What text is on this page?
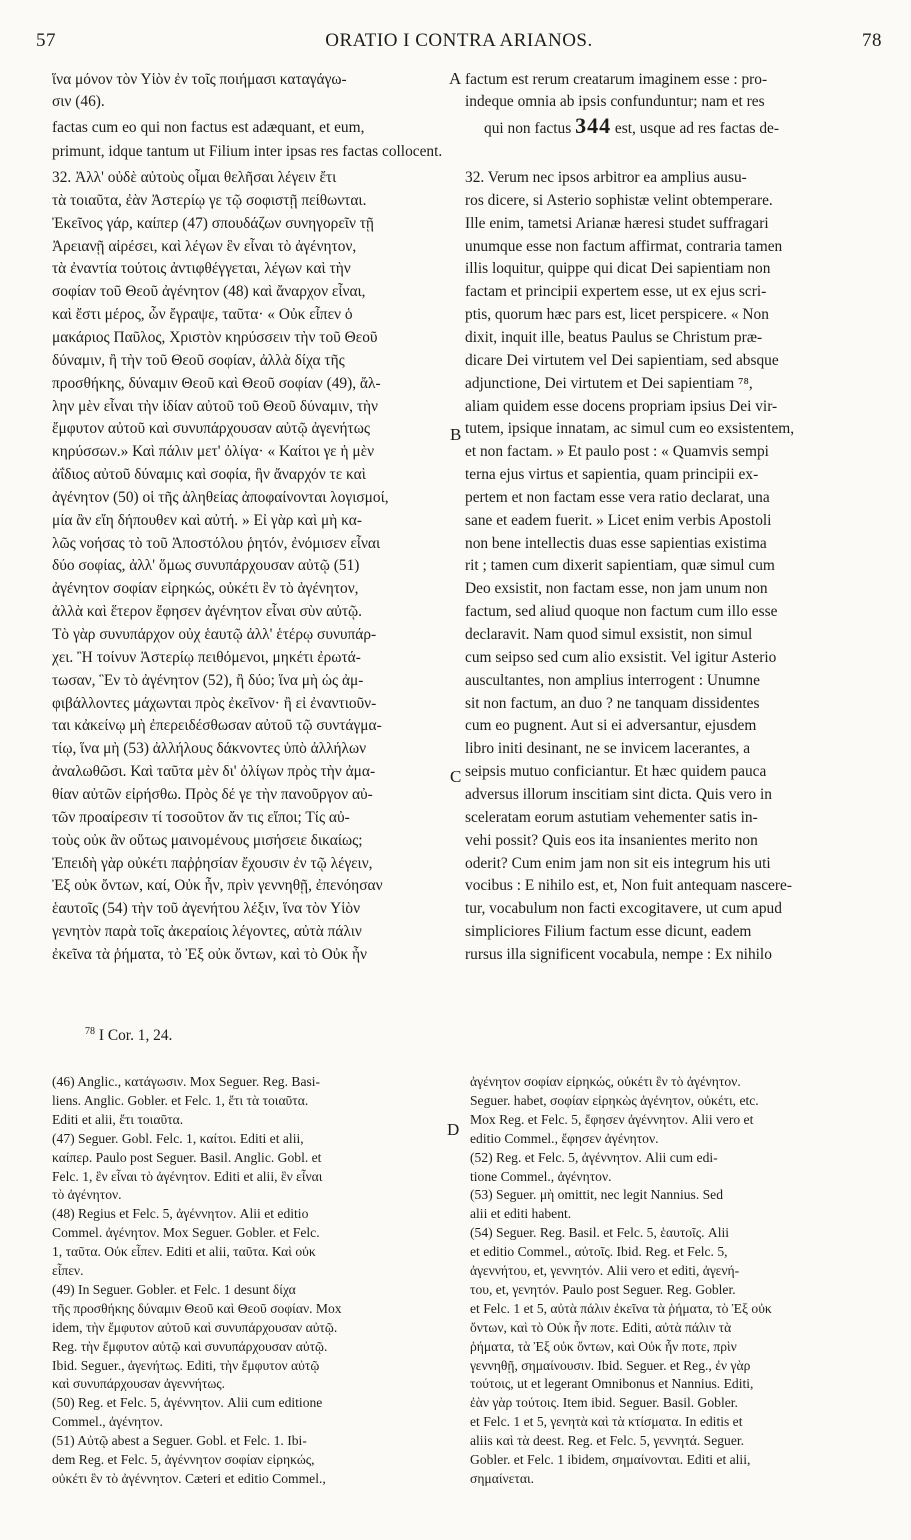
57	ORATIO I CONTRA ARIANOS.	78
ἵνα μόνον τὸν Υἱὸν ἐν τοῖς ποιήμασι καταγάγω-
σιν (46).
A factum est rerum creatarum imaginem esse : pro-
indeque omnia ab ipsis confunduntur; nam et res
factas cum eo qui non factus est adæquant, et eum,	qui non factus 344 est, usque ad res factas de-
primunt, idque tantum ut Filium inter ipsas res factas collocent.
32. Ἀλλ' οὐδὲ αὐτοὺς οἶμαι θελῆσαι λέγειν ἔτι
τὰ τοιαῦτα, ἐὰν Ἀστερίῳ γε τῷ σοφιστῇ πείθωνται.
Ἐκεῖνος γάρ, καίπερ (47) σπουδάζων συνηγορεῖν τῇ
Ἀρειανῇ αἱρέσει, καὶ λέγων ἓν εἶναι τὸ ἀγένητον,
τὰ ἐναντία τούτοις ἀντιφθέγγεται, λέγων καὶ τὴν
σοφίαν τοῦ Θεοῦ ἀγένητον (48) καὶ ἄναρχον εἶναι,
καὶ ἔστι μέρος, ὧν ἔγραψε, ταῦτα· « Οὐκ εἶπεν ὁ
μακάριος Παῦλος, Χριστὸν κηρύσσειν τὴν τοῦ Θεοῦ
δύναμιν, ἢ τὴν τοῦ Θεοῦ σοφίαν, ἀλλὰ δίχα τῆς
προσθήκης, δύναμιν Θεοῦ καὶ Θεοῦ σοφίαν (49), ἄλ-
λην μὲν εἶναι τὴν ἰδίαν αὐτοῦ τοῦ Θεοῦ δύναμιν, τὴν
ἔμφυτον αὐτοῦ καὶ συνυπάρχουσαν αὐτῷ ἀγενήτως
κηρύσσων.» Καὶ πάλιν μετ' ὀλίγα· « Καίτοι γε ἡ μὲν
ἀΐδιος αὐτοῦ δύναμις καὶ σοφία, ἣν ἄναρχόν τε καὶ
ἀγένητον (50) οἱ τῆς ἀληθείας ἀποφαίνονται λογισμοί,
μία ἂν εἴη δήπουθεν καὶ αὐτή. » Εἰ γὰρ καὶ μὴ κα-
λῶς νοήσας τὸ τοῦ Ἀποστόλου ῥητόν, ἐνόμισεν εἶναι
δύο σοφίας, ἀλλ' ὅμως συνυπάρχουσαν αὐτῷ (51)
ἀγένητον σοφίαν εἰρηκώς, οὐκέτι ἓν τὸ ἀγένητον,
ἀλλὰ καὶ ἕτερον ἔφησεν ἀγένητον εἶναι σὺν αὐτῷ.
Τὸ γὰρ συνυπάρχον οὐχ ἑαυτῷ ἀλλ' ἑτέρῳ συνυπάρ-
χει. Ἢ τοίνυν Ἀστερίῳ πειθόμενοι, μηκέτι ἐρωτά-
τωσαν, Ἓν τὸ ἀγένητον (52), ἢ δύο; ἵνα μὴ ὡς ἀμ-
φιβάλλοντες μάχωνται πρὸς ἐκεῖνον· ἢ εἰ ἐναντιοῦν-
ται κἀκείνῳ μὴ ἐπερειδέσθωσαν αὐτοῦ τῷ συντάγμα-
τίῳ, ἵνα μὴ (53) ἀλλήλους δάκνοντες ὑπὸ ἀλλήλων
ἀναλωθῶσι. Καὶ ταῦτα μὲν δι' ὀλίγων πρὸς τὴν ἀμα-
θίαν αὐτῶν εἰρήσθω. Πρὸς δέ γε τὴν πανοῦργον αὐ-
τῶν προαίρεσιν τί τοσοῦτον ἄν τις εἴποι; Τίς αὐ-
τοὺς οὐκ ἂν οὕτως μαινομένους μισήσειε δικαίως;
Ἐπειδὴ γὰρ οὐκέτι παῤῥησίαν ἔχουσιν ἐν τῷ λέγειν,
Ἐξ οὐκ ὄντων, καί, Οὐκ ἦν, πρὶν γεννηθῇ, ἐπενόησαν
ἑαυτοῖς (54) τὴν τοῦ ἀγενήτου λέξιν, ἵνα τὸν Υἱὸν
γενητὸν παρὰ τοῖς ἀκεραίοις λέγοντες, αὐτὰ πάλιν
ἐκεῖνα τὰ ῥήματα, τὸ Ἐξ οὐκ ὄντων, καὶ τὸ Οὐκ ἦν
32. Verum nec ipsos arbitror ea amplius ausu-
ros dicere, si Asterio sophistæ velint obtemperare.
Ille enim, tametsi Arianæ hæresi studet suffragari
unumque esse non factum affirmat, contraria tamen
illis loquitur, quippe qui dicat Dei sapientiam non
factam et principii expertem esse, ut ex ejus scri-
ptis, quorum hæc pars est, licet perspicere. « Non
dixit, inquit ille, beatus Paulus se Christum præ-
dicare Dei virtutem vel Dei sapientiam, sed absque
adjunctione, Dei virtutem et Dei sapientiam ⁷⁸,
aliam quidem esse docens propriam ipsius Dei vir-
tutem, ipsique innatam, ac simul cum eo exsistentem,
et non factam. » Et paulo post : « Quamvis sempi
terna ejus virtus et sapientia, quam principii ex-
pertem et non factam esse vera ratio declarat, una
sane et eadem fuerit. » Licet enim verbis Apostoli
non bene intellectis duas esse sapientias existima
rit ; tamen cum dixerit sapientiam, quæ simul cum
Deo exsistit, non factam esse, non jam unum non
factum, sed aliud quoque non factum cum illo esse
declaravit. Nam quod simul exsistit, non simul
cum seipso sed cum alio exsistit. Vel igitur Asterio
auscultantes, non amplius interrogent : Unumne
sit non factum, an duo ? ne tanquam dissidentes
cum eo pugnent. Aut si ei adversantur, ejusdem
libro initi desinant, ne se invicem lacerantes, a
seipsis mutuo conficiantur. Et hæc quidem pauca
adversus illorum inscitiam sint dicta. Quis vero in
sceleratam eorum astutiam vehementer satis in-
vehi possit? Quis eos ita insanientes merito non
oderit? Cum enim jam non sit eis integrum his uti
vocibus : E nihilo est, et, Non fuit antequam nascere-
tur, vocabulum non facti excogitavere, ut cum apud
simpliciores Filium factum esse dicunt, eadem
rursus illa significent vocabula, nempe : Ex nihilo
B
C
D
$^{78}$ I Cor. 1, 24.
(46) Anglic., κατάγωσιν. Mox Seguer. Reg. Basi-
liens. Anglic. Gobler. et Felc. 1, ἔτι τὰ τοιαῦτα.
Editi et alii, ἔτι τοιαῦτα.
(47) Seguer. Gobl. Felc. 1, καίτοι. Editi et alii,
καίπερ. Paulo post Seguer. Basil. Anglic. Gobl. et
Felc. 1, ἓν εἶναι τὸ ἀγένητον. Editi et alii, ἓν εἶναι
τὸ ἀγένητον.
(48) Regius et Felc. 5, ἀγέννητον. Alii et editio
Commel. ἀγένητον. Mox Seguer. Gobler. et Felc.
1, ταῦτα. Οὐκ εἶπεν. Editi et alii, ταῦτα. Καὶ οὐκ
εἶπεν.
(49) In Seguer. Gobler. et Felc. 1 desunt δίχα
τῆς προσθήκης δύναμιν Θεοῦ καὶ Θεοῦ σοφίαν. Mox
idem, τὴν ἔμφυτον αὐτοῦ καὶ συνυπάρχουσαν αὐτῷ.
Reg. τὴν ἔμφυτον αὐτῷ καὶ συνυπάρχουσαν αὐτῷ.
Ibid. Seguer., ἀγενήτως. Editi, τὴν ἔμφυτον αὐτῷ
καὶ συνυπάρχουσαν ἀγεννήτως.
(50) Reg. et Felc. 5, ἀγέννητον. Alii cum editione
Commel., ἀγένητον.
(51) Αὐτῷ abest a Seguer. Gobl. et Felc. 1. Ibi-
dem Reg. et Felc. 5, ἀγέννητον σοφίαν εἰρηκώς,
οὐκέτι ἓν τὸ ἀγέννητον. Cæteri et editio Commel.,
ἀγένητον σοφίαν εἰρηκώς, οὐκέτι ἓν τὸ ἀγένητον.
Seguer. habet, σοφίαν εἰρηκὼς ἀγένητον, οὐκέτι, etc.
Mox Reg. et Felc. 5, ἔφησεν ἀγέννητον. Alii vero et
editio Commel., ἔφησεν ἀγένητον.
(52) Reg. et Felc. 5, ἀγέννητον. Alii cum edi-
tione Commel., ἀγένητον.
(53) Seguer. μὴ omittit, nec legit Nannius. Sed
alii et editi habent.
(54) Seguer. Reg. Basil. et Felc. 5, ἑαυτοῖς. Alii
et editio Commel., αὐτοῖς. Ibid. Reg. et Felc. 5,
ἀγεννήτου, et, γεννητόν. Alii vero et editi, ἀγενή-
του, et, γενητόν. Paulo post Seguer. Reg. Gobler.
et Felc. 1 et 5, αὐτὰ πάλιν ἐκεῖνα τὰ ῥήματα, τὸ Ἐξ οὐκ
ὄντων, καὶ τὸ Οὐκ ἦν ποτε. Editi, αὐτὰ πάλιν τὰ
ῥήματα, τὰ Ἐξ οὐκ ὄντων, καὶ Οὐκ ἦν ποτε, πρὶν
γεννηθῇ, σημαίνουσιν. Ibid. Seguer. et Reg., ἐν γὰρ
τούτοις, ut et legerant Omnibonus et Nannius. Editi,
ἐὰν γὰρ τούτοις. Item ibid. Seguer. Basil. Gobler.
et Felc. 1 et 5, γενητὰ καὶ τὰ κτίσματα. In editis et
aliis καὶ τὰ deest. Reg. et Felc. 5, γεννητά. Seguer.
Gobler. et Felc. 1 ibidem, σημαίνονται. Editi et alii,
σημαίνεται.
